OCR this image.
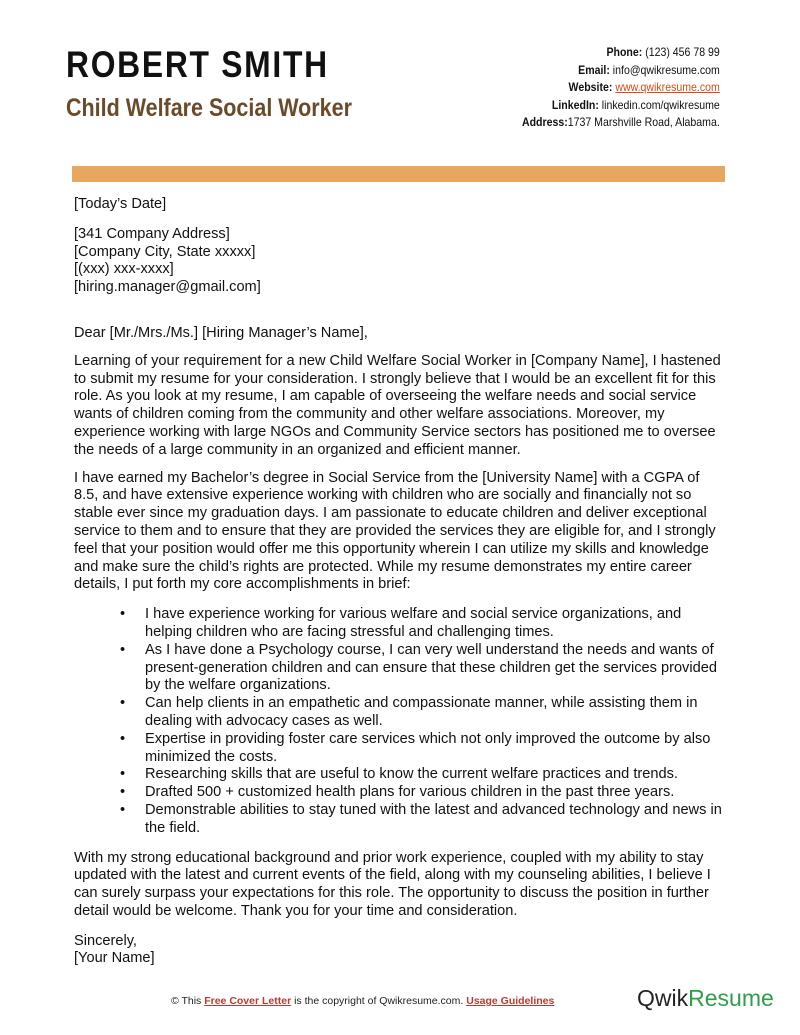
ROBERT SMITH
Child Welfare Social Worker
Phone: (123) 456 78 99
Email: info@qwikresume.com
Website: www.qwikresume.com
LinkedIn: linkedin.com/qwikresume
Address:1737 Marshville Road, Alabama.

[Today’s Date]

[341 Company Address]

[Company City, State xxxxx]

[(xxx) xxx-xxxx]

[hiring.manager@gmail.com]

Dear [Mr./Mrs./Ms.] [Hiring Manager’s Name],

Learning of your requirement for a new Child Welfare Social Worker in [Company Name], I hastened to submit my resume for your consideration. I strongly believe that I would be an excellent fit for this role. As you look at my resume, I am capable of overseeing the welfare needs and social service wants of children coming from the community and other welfare associations. Moreover, my experience working with large NGOs and Community Service sectors has positioned me to oversee the needs of a large community in an organized and efficient manner.

I have earned my Bachelor’s degree in Social Service from the [University Name] with a CGPA of 8.5, and have extensive experience working with children who are socially and financially not so stable ever since my graduation days. I am passionate to educate children and deliver exceptional service to them and to ensure that they are provided the services they are eligible for, and I strongly feel that your position would offer me this opportunity wherein I can utilize my skills and knowledge and make sure the child’s rights are protected. While my resume demonstrates my entire career details, I put forth my core accomplishments in brief:

• I have experience working for various welfare and social service organizations, and helping children who are facing stressful and challenging times.
• As I have done a Psychology course, I can very well understand the needs and wants of present-generation children and can ensure that these children get the services provided by the welfare organizations.
• Can help clients in an empathetic and compassionate manner, while assisting them in dealing with advocacy cases as well.
• Expertise in providing foster care services which not only improved the outcome by also minimized the costs.
• Researching skills that are useful to know the current welfare practices and trends.
• Drafted 500 + customized health plans for various children in the past three years.
• Demonstrable abilities to stay tuned with the latest and advanced technology and news in the field.

With my strong educational background and prior work experience, coupled with my ability to stay updated with the latest and current events of the field, along with my counseling abilities, I believe I can surely surpass your expectations for this role. The opportunity to discuss the position in further detail would be welcome. Thank you for your time and consideration.

Sincerely,

[Your Name]

© This Free Cover Letter is the copyright of Qwikresume.com. Usage Guidelines	QwikResume
